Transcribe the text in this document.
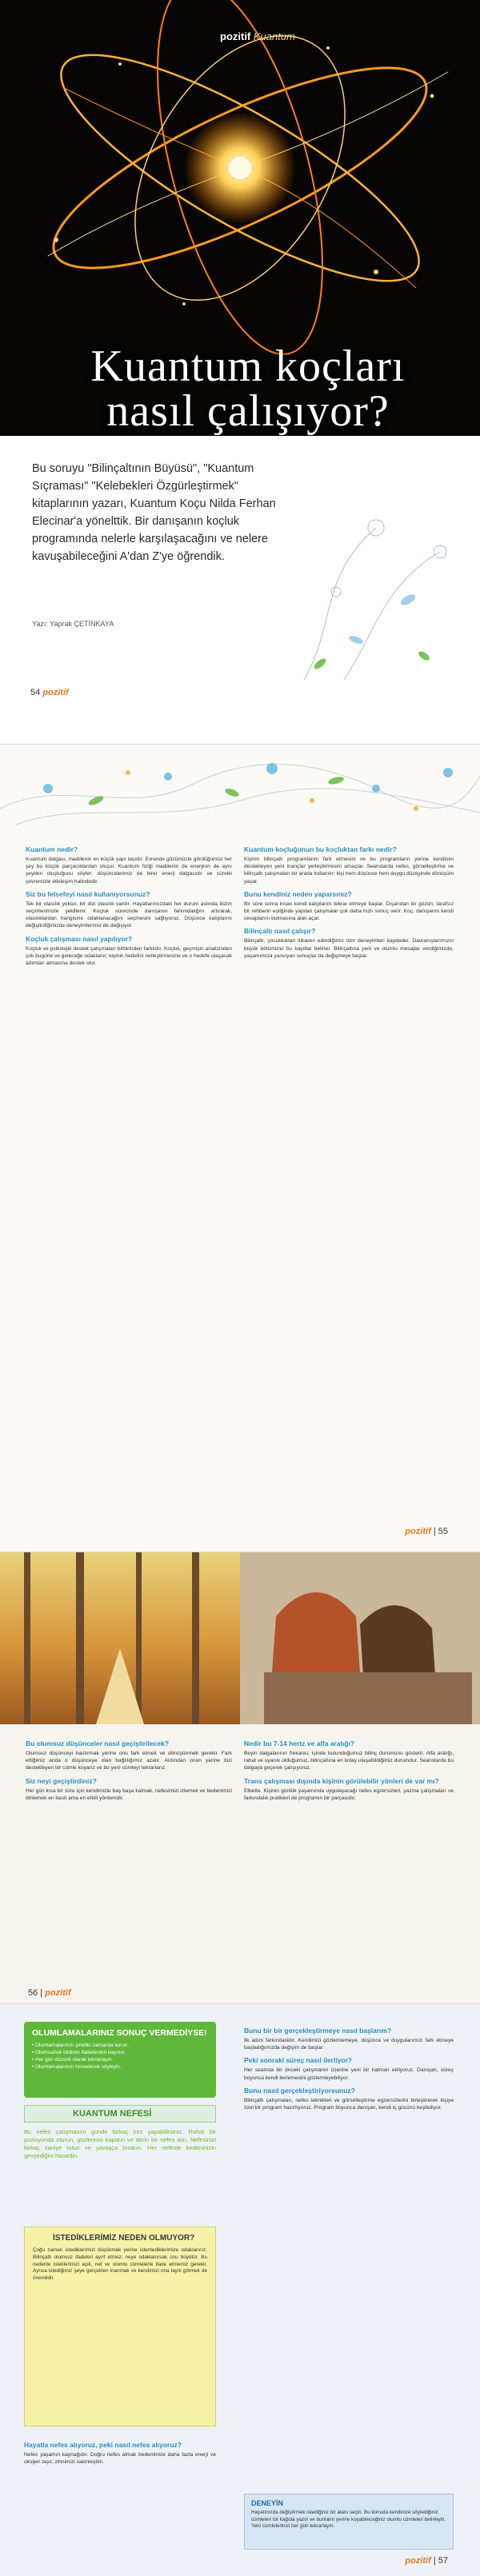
pozitif Kuantum
Kuantum koçları
nasıl çalışıyor?
Bu soruyu "Bilinçaltının Büyüsü", "Kuantum Sıçraması" "Kelebekleri Özgürleştirmek" kitaplarının yazarı, Kuantum Koçu Nilda Ferhan Elecinar'a yönelttik. Bir danışanın koçluk programında nelerle karşılaşacağını ve nelere kavuşabileceğini A'dan Z'ye öğrendik.
Yazı: Yaprak ÇETİNKAYA
54 pozitif
Kuantum nedir?

Kuantum dalgası, maddenin en küçük yapı taşıdır. Evrende gözümüzle gördüğümüz her şey bu küçük parçacıklardan oluşur. Kuantum fiziği maddenin de enerjinin de aynı şeyden oluştuğunu söyler; düşüncelerimiz de birer enerji dalgasıdır ve sürekli çevremizle etkileşim halindedir.

Siz bu felsefeyi nasıl kullanıyorsunuz?

Tek bir olasılık yoktur, bir dizi olasılık vardır. Hayatlarımızdaki her durum aslında bizim seçimlerimizle şekillenir. Koçluk sürecinde danışanın farkındalığını artırarak, olasılıklardan hangisine odaklanacağını seçmesini sağlıyoruz. Düşünce kalıplarını değiştirdiğimizde deneyimlerimiz de değişiyor.

Koçluk çalışması nasıl yapılıyor?

Koçluk ve psikolojik destek çalışmaları birbirinden farklıdır. Koçluk, geçmişin analizinden çok bugüne ve geleceğe odaklanır; kişinin hedefini netleştirmesine ve o hedefe ulaşacak adımları atmasına destek olur.

Kuantum koçluğunun bu koçluktan farkı nedir?

Kişinin bilinçaltı programlarını fark etmesini ve bu programların yerine kendisini destekleyen yeni inançlar yerleştirmesini amaçlar. Seanslarda nefes, görselleştirme ve bilinçaltı çalışmaları bir arada kullanılır; kişi hem düşünce hem duygu düzeyinde dönüşüm yaşar.

Bunu kendiniz neden yaparsınız?

Bir süre sonra insan kendi kalıplarını tekrar etmeye başlar. Dışarıdan bir gözün, tarafsız bir rehberin eşliğinde yapılan çalışmalar çok daha hızlı sonuç verir. Koç, danışanın kendi cevaplarını bulmasına alan açar.

Bilinçaltı nasıl çalışır?

Bilinçaltı, çocukluktan itibaren edindiğimiz tüm deneyimleri kaydeder. Davranışlarımızın büyük bölümünü bu kayıtlar belirler. Bilinçaltına yeni ve olumlu mesajlar verdiğimizde, yaşamımıza yansıyan sonuçlar da değişmeye başlar.

pozitif | 55
Bu olumsuz düşünceler nasıl geçiştirilecek?

Olumsuz düşünceyi bastırmak yerine onu fark etmek ve dönüştürmek gerekir. Fark ettiğimiz anda o düşünceye olan bağlılığımız azalır. Ardından onun yerine bizi destekleyen bir cümle koyarız ve bu yeni cümleyi tekrarlarız.

Siz neyi geçiştirdiniz?

Her gün kısa bir süre için kendimizle baş başa kalmak, nefesimizi izlemek ve bedenimizi dinlemek en basit ama en etkili yöntemdir.

Nedir bu 7-14 hertz ve alfa aralığı?

Beyin dalgalarının frekansı, içinde bulunduğumuz bilinç durumunu gösterir. Alfa aralığı, rahat ve uyanık olduğumuz, bilinçaltına en kolay ulaşabildiğimiz durumdur. Seanslarda bu dalgaya geçerek çalışıyoruz.

Trans çalışması dışında kişinin görülebilir yönleri de var mı?

Elbette. Kişinin günlük yaşamında uygulayacağı nefes egzersizleri, yazma çalışmaları ve farkındalık pratikleri de programın bir parçasıdır.

56 | pozitif
OLUMLAMALARINIZ SONUÇ VERMEDİYSE!
• Olumlamalarınızı şimdiki zamanda kurun.
• Olumsuzluk bildiren ifadelerden kaçının.
• Her gün düzenli olarak tekrarlayın.
• Olumlamalarınızı hissederek söyleyin.
KUANTUM NEFESİ
Bu nefes çalışmasını günde birkaç kez yapabilirsiniz. Rahat bir pozisyonda oturun, gözlerinizi kapatın ve derin bir nefes alın. Nefesinizi birkaç saniye tutun ve yavaşça bırakın. Her nefeste bedeninizin gevşediğini hissedin.
İSTEDİKLERİMİZ NEDEN OLMUYOR?

Çoğu zaman istediklerimizi düşünmek yerine istemediklerimize odaklanırız. Bilinçaltı olumsuz ifadeleri ayırt etmez; neye odaklanırsak onu büyütür. Bu nedenle isteklerimizi açık, net ve olumlu cümlelerle ifade etmemiz gerekir. Ayrıca istediğimiz şeye gerçekten inanmak ve kendimizi ona layık görmek de önemlidir.

Hayatla nefes alıyoruz, peki nasıl nefes alıyoruz?

Nefes yaşamın kaynağıdır. Doğru nefes almak bedenimize daha fazla enerji ve oksijen taşır, zihnimizi sakinleştirir.

Bunu bir bir gerçekleştirmeye nasıl başlarım?

İlk adım farkındalıktır. Kendimizi gözlemlemeye, düşünce ve duygularımızı fark etmeye başladığımızda değişim de başlar.

Peki sonraki süreç nasıl ilerliyor?

Her seansta bir önceki çalışmanın üzerine yeni bir katman ekliyoruz. Danışan, süreç boyunca kendi ilerlemesini gözlemleyebiliyor.

Bunu nasıl gerçekleştiriyorsunuz?

Bilinçaltı çalışmaları, nefes teknikleri ve görselleştirme egzersizlerini birleştirerek kişiye özel bir program hazırlıyoruz. Program boyunca danışan, kendi iç gücünü keşfediyor.

DENEYİN

Hayatınızda değiştirmek istediğiniz bir alanı seçin. Bu konuda kendinize söylediğiniz cümleleri bir kağıda yazın ve bunların yerine koyabileceğiniz olumlu cümleleri belirleyin. Yeni cümlelerinizi her gün tekrarlayın.

pozitif | 57
